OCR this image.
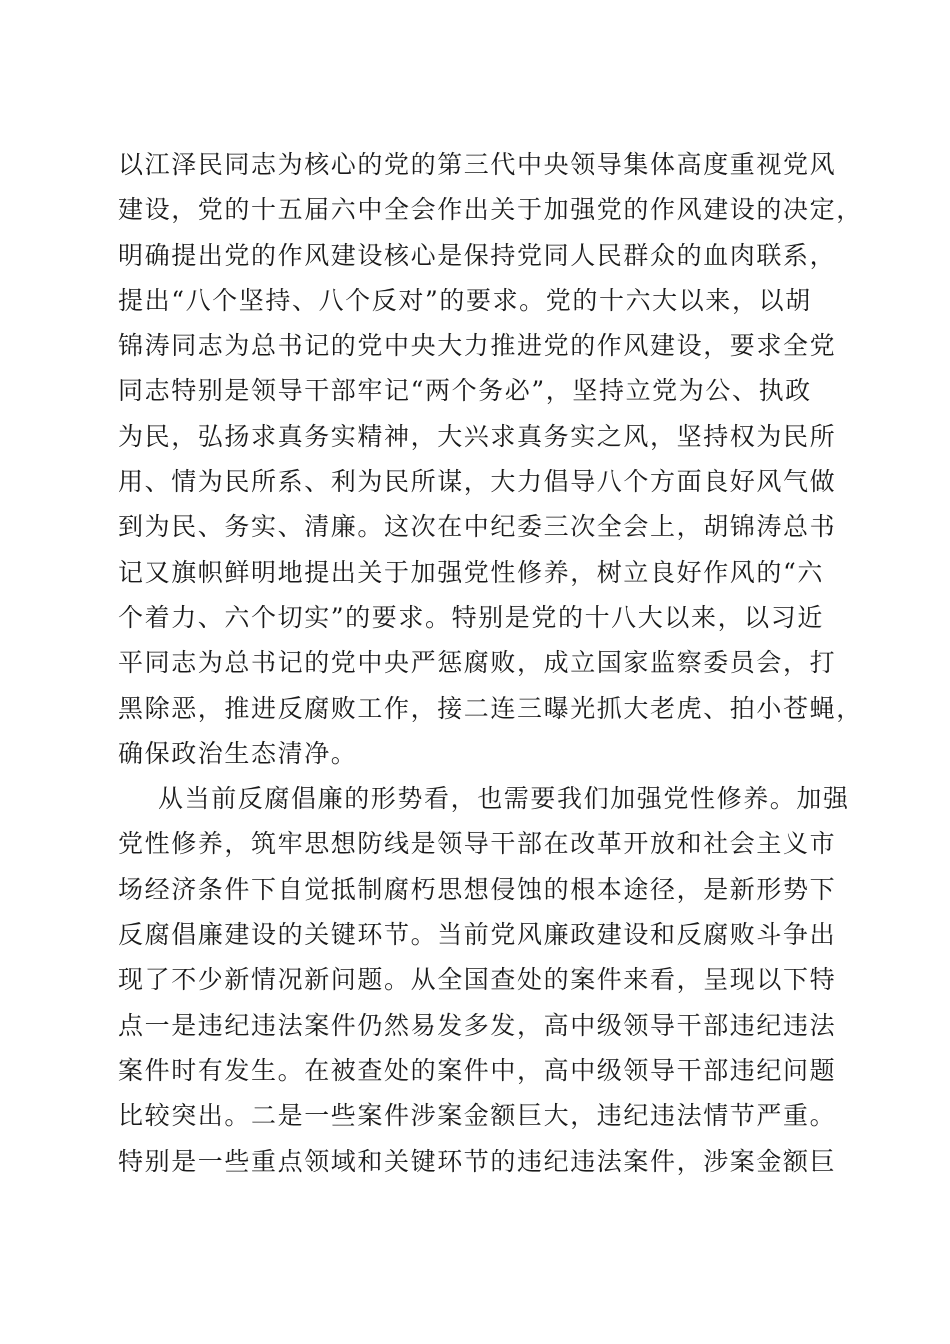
以江泽民同志为核心的党的第三代中央领导集体高度重视党风
建设，党的十五届六中全会作出关于加强党的作风建设的决定，
明确提出党的作风建设核心是保持党同人民群众的血肉联系，
提出“八个坚持、八个反对”的要求。党的十六大以来，以胡
锦涛同志为总书记的党中央大力推进党的作风建设，要求全党
同志特别是领导干部牢记“两个务必”，坚持立党为公、执政
为民，弘扬求真务实精神，大兴求真务实之风，坚持权为民所
用、情为民所系、利为民所谋，大力倡导八个方面良好风气做
到为民、务实、清廉。这次在中纪委三次全会上，胡锦涛总书
记又旗帜鲜明地提出关于加强党性修养，树立良好作风的“六
个着力、六个切实”的要求。特别是党的十八大以来，以习近
平同志为总书记的党中央严惩腐败，成立国家监察委员会，打
黑除恶，推进反腐败工作，接二连三曝光抓大老虎、拍小苍蝇，
确保政治生态清净。
从当前反腐倡廉的形势看，也需要我们加强党性修养。加强
党性修养，筑牢思想防线是领导干部在改革开放和社会主义市
场经济条件下自觉抵制腐朽思想侵蚀的根本途径，是新形势下
反腐倡廉建设的关键环节。当前党风廉政建设和反腐败斗争出
现了不少新情况新问题。从全国查处的案件来看，呈现以下特
点一是违纪违法案件仍然易发多发，高中级领导干部违纪违法
案件时有发生。在被查处的案件中，高中级领导干部违纪问题
比较突出。二是一些案件涉案金额巨大，违纪违法情节严重。
特别是一些重点领域和关键环节的违纪违法案件，涉案金额巨
